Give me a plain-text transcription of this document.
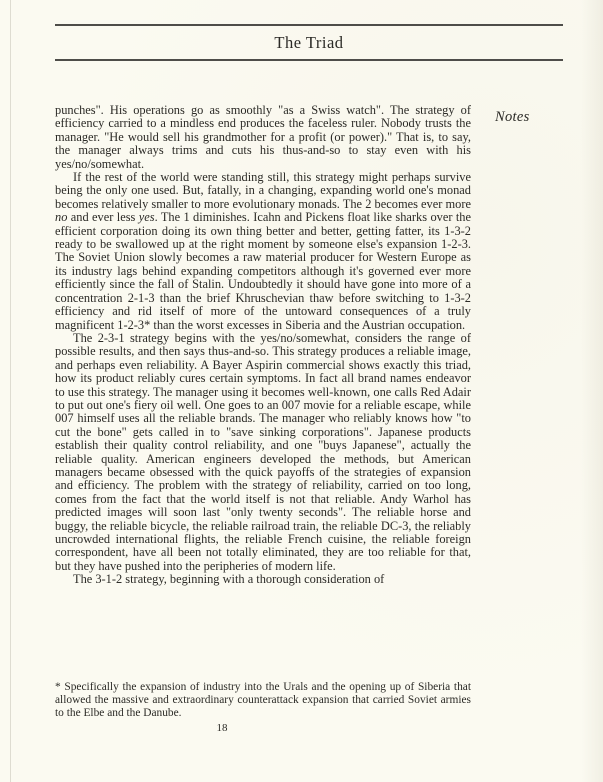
The Triad
Notes

punches". His operations go as smoothly "as a Swiss watch". The strategy of efficiency carried to a mindless end produces the faceless ruler. Nobody trusts the manager. "He would sell his grandmother for a profit (or power)." That is, to say, the manager always trims and cuts his thus-and-so to stay even with his yes/no/somewhat.

If the rest of the world were standing still, this strategy might perhaps survive being the only one used. But, fatally, in a changing, expanding world one's monad becomes relatively smaller to more evolutionary monads. The 2 becomes ever more no and ever less yes. The 1 diminishes. Icahn and Pickens float like sharks over the efficient corporation doing its own thing better and better, getting fatter, its 1-3-2 ready to be swallowed up at the right moment by someone else's expansion 1-2-3. The Soviet Union slowly becomes a raw material producer for Western Europe as its industry lags behind expanding competitors although it's governed ever more efficiently since the fall of Stalin. Undoubtedly it should have gone into more of a concentration 2-1-3 than the brief Khruschevian thaw before switching to 1-3-2 efficiency and rid itself of more of the untoward consequences of a truly magnificent 1-2-3* than the worst excesses in Siberia and the Austrian occupation.

The 2-3-1 strategy begins with the yes/no/somewhat, considers the range of possible results, and then says thus-and-so. This strategy produces a reliable image, and perhaps even reliability. A Bayer Aspirin commercial shows exactly this triad, how its product reliably cures certain symptoms. In fact all brand names endeavor to use this strategy. The manager using it becomes well-known, one calls Red Adair to put out one's fiery oil well. One goes to an 007 movie for a reliable escape, while 007 himself uses all the reliable brands. The manager who reliably knows how "to cut the bone" gets called in to "save sinking corporations". Japanese products establish their quality control reliability, and one "buys Japanese", actually the reliable quality. American engineers developed the methods, but American managers became obsessed with the quick payoffs of the strategies of expansion and efficiency. The problem with the strategy of reliability, carried on too long, comes from the fact that the world itself is not that reliable. Andy Warhol has predicted images will soon last "only twenty seconds". The reliable horse and buggy, the reliable bicycle, the reliable railroad train, the reliable DC-3, the reliably uncrowded international flights, the reliable French cuisine, the reliable foreign correspondent, have all been not totally eliminated, they are too reliable for that, but they have pushed into the peripheries of modern life.

The 3-1-2 strategy, beginning with a thorough consideration of

* Specifically the expansion of industry into the Urals and the opening up of Siberia that allowed the massive and extraordinary counterattack expansion that carried Soviet armies to the Elbe and the Danube.
18
